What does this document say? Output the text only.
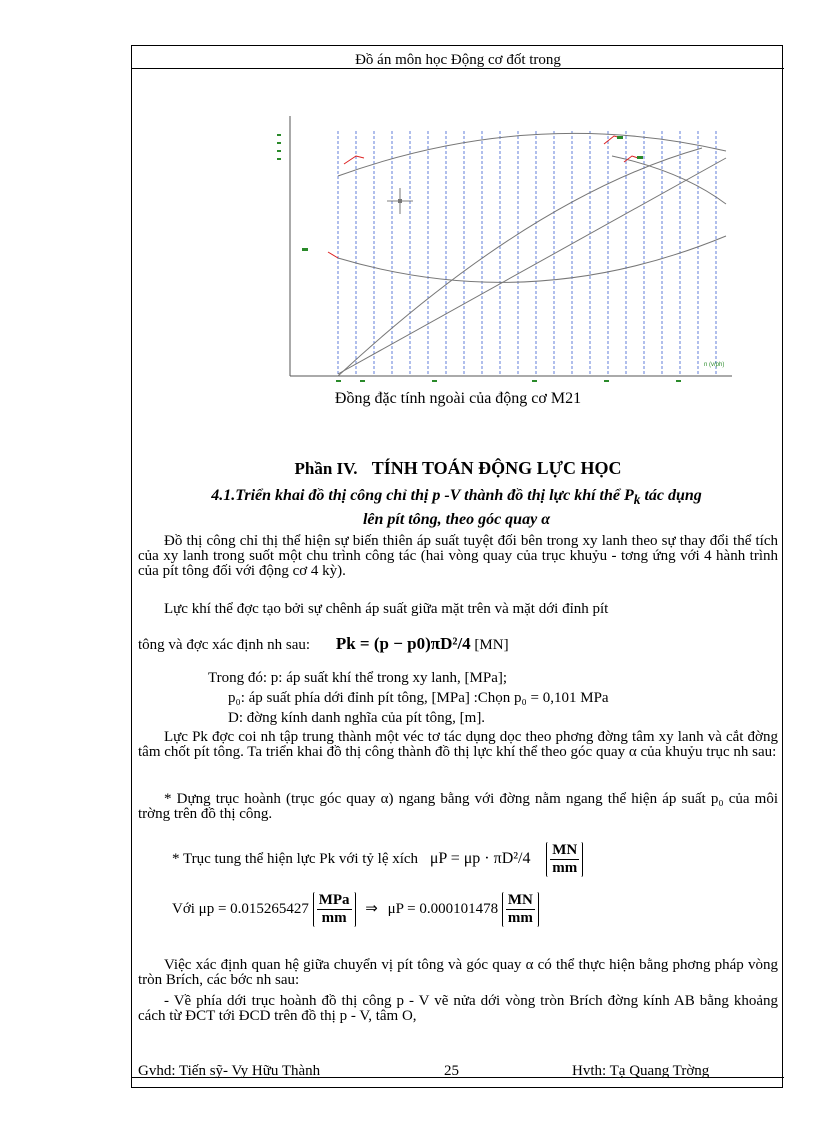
Đồ án môn học Động cơ đốt trong
n (v/ph)
Đồng đặc tính ngoài của động cơ M21
Phần IV. TÍNH TOÁN ĐỘNG LỰC HỌC
4.1.Triển khai đồ thị công chỉ thị p -V thành đồ thị lực khí thể $P_k$ tác dụng
lên pít tông, theo góc quay α
Đồ thị công chỉ thị thể hiện sự biến thiên áp suất tuyệt đối bên trong xy lanh theo sự thay đổi thể tích của xy lanh trong suốt một chu trình công tác (hai vòng quay của trục khuỷu - tơng ứng với 4 hành trình của pít tông đối với động cơ 4 kỳ).
Lực khí thể đợc tạo bởi sự chênh áp suất giữa mặt trên và mặt dới đỉnh pít
tông và đợc xác định nh sau: Pk = (p − p0)πD²/4 [MN]
Trong đó: p: áp suất khí thể trong xy lanh, [MPa];
p₀: áp suất phía dới đỉnh pít tông, [MPa] :Chọn p₀ = 0,101 MPa
D: đờng kính danh nghĩa của pít tông, [m].
Lực Pk đợc coi nh tập trung thành một véc tơ tác dụng dọc theo phơng đờng tâm xy lanh và cắt đờng tâm chốt pít tông. Ta triển khai đồ thị công thành đồ thị lực khí thể theo góc quay α của khuỷu trục nh sau:
* Dựng trục hoành (trục góc quay α) ngang bằng với đờng nằm ngang thể hiện áp suất p₀ của môi trờng trên đồ thị công.
* Trục tung thể hiện lực Pk với tỷ lệ xích $\mu P = \mu p \cdot \pi D^2/4 \frac{MN}{mm}$
Với $\mu p = 0.015265427 \frac{\text{MPa}}{mm}$ ⇒ $\mu P = 0.000101478 \frac{MN}{mm}$
Việc xác định quan hệ giữa chuyển vị pít tông và góc quay α có thể thực hiện bằng phơng pháp vòng tròn Brích, các bớc nh sau:
- Về phía dới trục hoành đồ thị công p - V vẽ nửa dới vòng tròn Brích đờng kính AB bằng khoảng cách từ ĐCT tới ĐCD trên đồ thị p - V, tâm O,
Gvhd: Tiến sỹ- Vy Hữu Thành	25	Hvth: Tạ Quang Trờng
